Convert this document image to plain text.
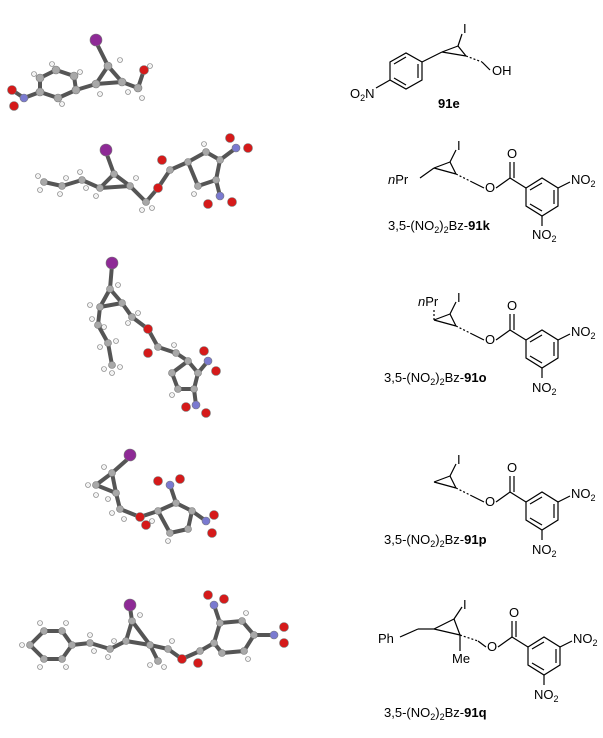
I
OH
$O_2N$
91e
I
nPr
O
O
$NO_2$
$NO_2$
$3,5-(NO_2)_2Bz-91k$
I
nPr
O
O
$NO_2$
$NO_2$
$3,5-(NO_2)_2Bz-91o$
I
O
O
$NO_2$
$NO_2$
$3,5-(NO_2)_2Bz-91p$
I
Ph
Me
O
O
$NO_2$
$NO_2$
$3,5-(NO_2)_2Bz-91q$
